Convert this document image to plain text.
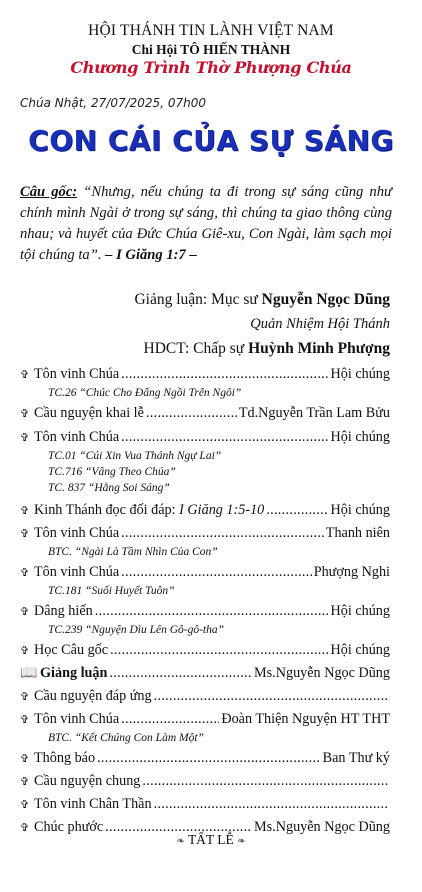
HỘI THÁNH TIN LÀNH VIỆT NAM
Chi Hội TÔ HIẾN THÀNH
Chương Trình Thờ Phượng Chúa
Chúa Nhật, 27/07/2025, 07h00
CON CÁI CỦA SỰ SÁNG
Câu gốc: “Nhưng, nếu chúng ta đi trong sự sáng cũng như chính mình Ngài ở trong sự sáng, thì chúng ta giao thông cùng nhau; và huyết của Đức Chúa Giê-xu, Con Ngài, làm sạch mọi tội chúng ta”. – I Giăng 1:7 –
Giảng luận: Mục sư Nguyễn Ngọc Dũng
Quản Nhiệm Hội Thánh
HDCT: Chấp sự Huỳnh Minh Phượng
✞ Tôn vinh Chúa .....	Hội chúng
TC.26 “Chúc Cho Đấng Ngồi Trên Ngôi”
✞ Cầu nguyện khai lễ .....	Td.Nguyễn Trần Lam Bửu
✞ Tôn vinh Chúa .....	Hội chúng
TC.01 “Cúi Xin Vua Thánh Ngự Lai”
TC.716 “Vâng Theo Chúa”
TC. 837 “Hằng Soi Sáng”
✞ Kinh Thánh đọc đối đáp: I Giăng 1:5-10 .....	Hội chúng
✞ Tôn vinh Chúa .....	Thanh niên
BTC. “Ngài Là Tầm Nhìn Của Con”
✞ Tôn vinh Chúa .....	Phượng Nghi
TC.181 “Suối Huyết Tuôn”
✞ Dâng hiến .....	Hội chúng
TC.239 “Nguyện Dìu Lên Gô-gô-tha”
✞ Học Câu gốc .....	Hội chúng
📖 Giảng luận .....	Ms.Nguyễn Ngọc Dũng
✞ Cầu nguyện đáp ứng
.....
✞ Tôn vinh Chúa .....	Đoàn Thiện Nguyện HT THT
BTC. “Kết Chúng Con Làm Một”
✞ Thông báo .....	Ban Thư ký
✞ Cầu nguyện chung
.....
✞ Tôn vinh Chân Thần
.....
✞ Chúc phước .....	Ms.Nguyễn Ngọc Dũng
❧ TẤT LỄ ❧
